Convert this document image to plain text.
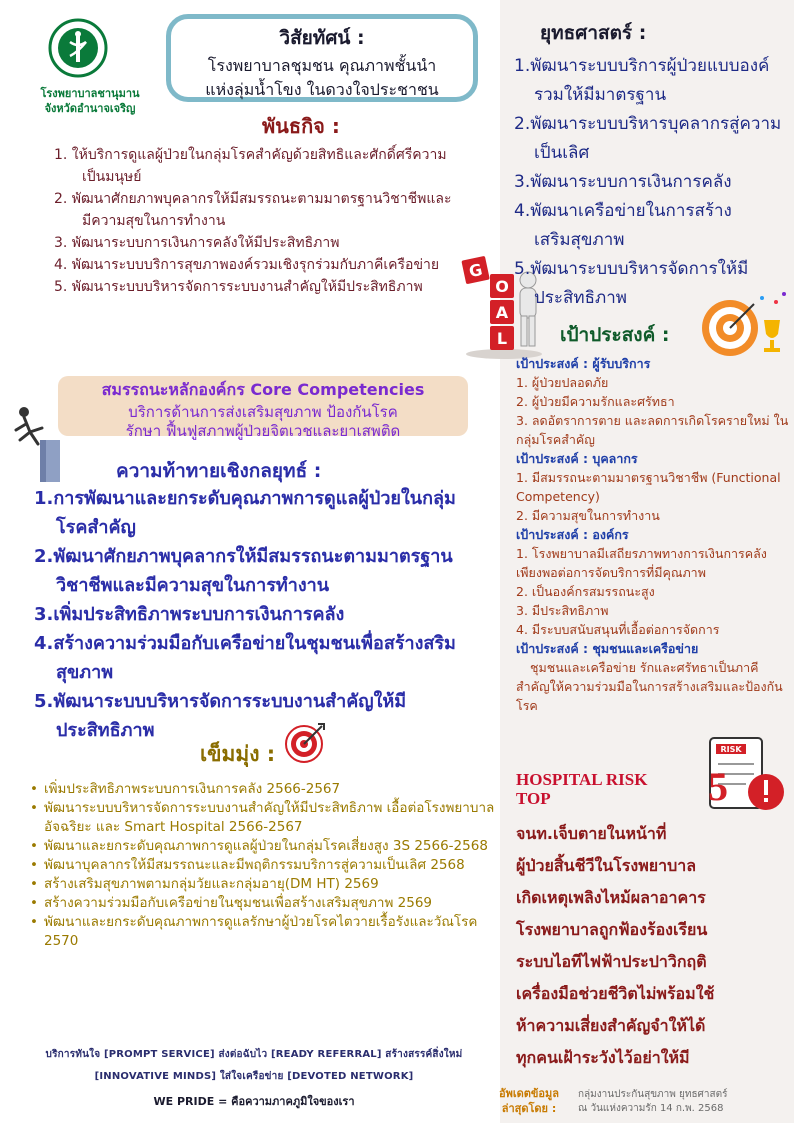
โรงพยาบาลชานุมาน
จังหวัดอำนาจเจริญ
วิสัยทัศน์ :
โรงพยาบาลชุมชน คุณภาพชั้นนำ
แห่งลุ่มน้ำโขง ในดวงใจประชาชน
พันธกิจ :
1. ให้บริการดูแลผู้ป่วยในกลุ่มโรคสำคัญด้วยสิทธิและศักดิ์ศรีความเป็นมนุษย์
2. พัฒนาศักยภาพบุคลากรให้มีสมรรถนะตามมาตรฐานวิชาชีพและมีความสุขในการทำงาน
3. พัฒนาระบบการเงินการคลังให้มีประสิทธิภาพ
4. พัฒนาระบบบริการสุขภาพองค์รวมเชิงรุกร่วมกับภาคีเครือข่าย
5. พัฒนาระบบบริหารจัดการระบบงานสำคัญให้มีประสิทธิภาพ
G
O
A
L
สมรรถนะหลักองค์กร Core Competencies
บริการด้านการส่งเสริมสุขภาพ ป้องกันโรค
รักษา ฟื้นฟูสภาพผู้ป่วยจิตเวชและยาเสพติด
ความท้าทายเชิงกลยุทธ์ :
1.การพัฒนาและยกระดับคุณภาพการดูแลผู้ป่วยในกลุ่มโรคสำคัญ
2.พัฒนาศักยภาพบุคลากรให้มีสมรรถนะตามมาตรฐานวิชาชีพและมีความสุขในการทำงาน
3.เพิ่มประสิทธิภาพระบบการเงินการคลัง
4.สร้างความร่วมมือกับเครือข่ายในชุมชนเพื่อสร้างสริมสุขภาพ
5.พัฒนาระบบบริหารจัดการระบบงานสำคัญให้มีประสิทธิภาพ
เข็มมุ่ง :
• เพิ่มประสิทธิภาพระบบการเงินการคลัง 2566-2567
• พัฒนาระบบบริหารจัดการระบบงานสำคัญให้มีประสิทธิภาพ เอื้อต่อโรงพยาบาลอัจฉริยะ และ Smart Hospital 2566-2567
• พัฒนาและยกระดับคุณภาพการดูแลผู้ป่วยในกลุ่มโรคเสี่ยงสูง 3S 2566-2568
• พัฒนาบุคลากรให้มีสมรรถนะและมีพฤติกรรมบริการสู่ความเป็นเลิศ 2568
• สร้างเสริมสุขภาพตามกลุ่มวัยและกลุ่มอายุ(DM HT) 2569
• สร้างความร่วมมือกับเครือข่ายในชุมชนเพื่อสร้างเสริมสุขภาพ 2569
• พัฒนาและยกระดับคุณภาพการดูแลรักษาผู้ป่วยโรคไตวายเรื้อรังและวัณโรค 2570
บริการทันใจ [PROMPT SERVICE] ส่งต่อฉับไว [READY REFERRAL] สร้างสรรค์สิ่งใหม่
[INNOVATIVE MINDS] ใส่ใจเครือข่าย [DEVOTED NETWORK]
WE PRIDE = คือความภาคภูมิใจของเรา
ยุทธศาสตร์ :
1.พัฒนาระบบบริการผู้ป่วยแบบองค์รวมให้มีมาตรฐาน
2.พัฒนาระบบบริหารบุคลากรสู่ความเป็นเลิศ
3.พัฒนาระบบการเงินการคลัง
4.พัฒนาเครือข่ายในการสร้างเสริมสุขภาพ
5.พัฒนาระบบบริหารจัดการให้มีประสิทธิภาพ
เป้าประสงค์ :
เป้าประสงค์ : ผู้รับบริการ
1. ผู้ป่วยปลอดภัย
2. ผู้ป่วยมีความรักและศรัทธา
3. ลดอัตราการตาย และลดการเกิดโรครายใหม่ ในกลุ่มโรคสำคัญ
เป้าประสงค์ : บุคลากร
1. มีสมรรถนะตามมาตรฐานวิชาชีพ (Functional Competency)
2. มีความสุขในการทำงาน
เป้าประสงค์ : องค์กร
1. โรงพยาบาลมีเสถียรภาพทางการเงินการคลังเพียงพอต่อการจัดบริการที่มีคุณภาพ
2. เป็นองค์กรสมรรถนะสูง
3. มีประสิทธิภาพ
4. มีระบบสนับสนุนที่เอื้อต่อการจัดการ
เป้าประสงค์ : ชุมชนและเครือข่าย
ชุมชนและเครือข่าย รักและศรัทธาเป็นภาคีสำคัญให้ความร่วมมือในการสร้างเสริมและป้องกันโรค
HOSPITAL RISK
TOP
RISK
5
จนท.เจ็บตายในหน้าที่
ผู้ป่วยสิ้นชีวีในโรงพยาบาล
เกิดเหตุเพลิงไหม้ผลาอาคาร
โรงพยาบาลถูกฟ้องร้องเรียน
ระบบไอทีไฟฟ้าประปาวิกฤติ
เครื่องมือช่วยชีวิตไม่พร้อมใช้
ห้าความเสี่ยงสำคัญจำให้ได้
ทุกคนเฝ้าระวังไว้อย่าให้มี
อัพเดตข้อมูล
ล่าสุดโดย :
กลุ่มงานประกันสุขภาพ ยุทธศาสตร์
ณ วันแห่งความรัก 14 ก.พ. 2568
